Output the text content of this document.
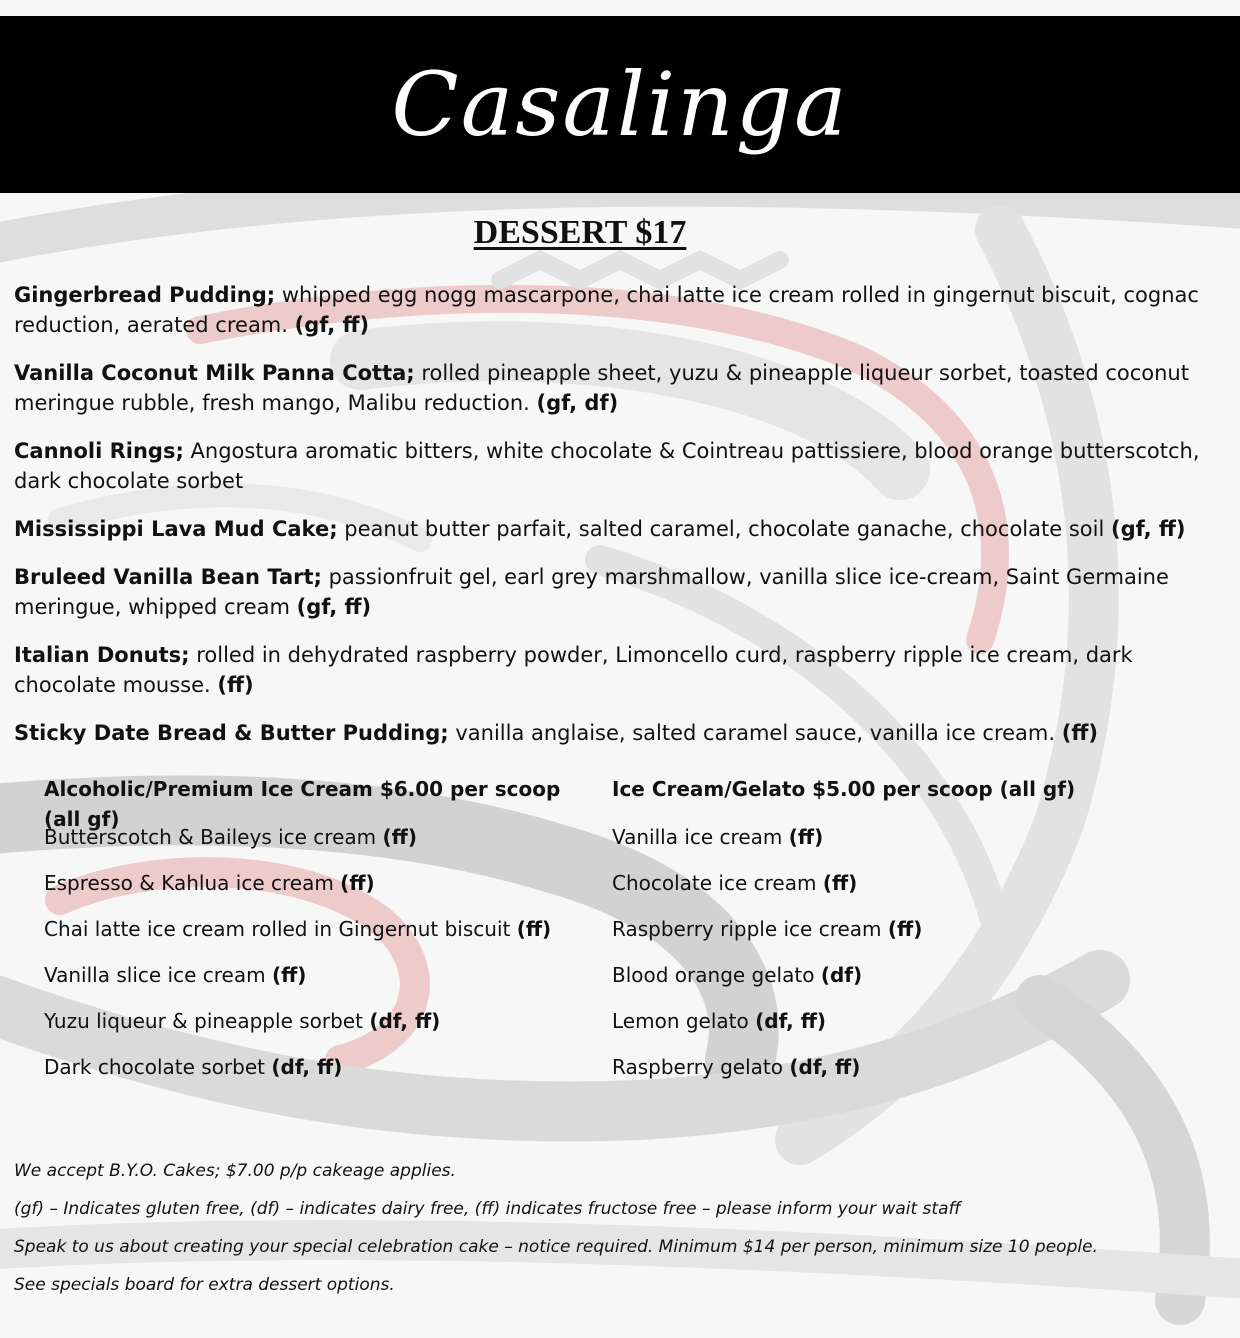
Casalinga
DESSERT $17
Gingerbread Pudding; whipped egg nogg mascarpone, chai latte ice cream rolled in gingernut biscuit, cognac reduction, aerated cream. (gf, ff)
Vanilla Coconut Milk Panna Cotta; rolled pineapple sheet, yuzu & pineapple liqueur sorbet, toasted coconut meringue rubble, fresh mango, Malibu reduction. (gf, df)
Cannoli Rings; Angostura aromatic bitters, white chocolate & Cointreau pattissiere, blood orange butterscotch, dark chocolate sorbet
Mississippi Lava Mud Cake; peanut butter parfait, salted caramel, chocolate ganache, chocolate soil (gf, ff)
Bruleed Vanilla Bean Tart; passionfruit gel, earl grey marshmallow, vanilla slice ice-cream, Saint Germaine meringue, whipped cream (gf, ff)
Italian Donuts; rolled in dehydrated raspberry powder, Limoncello curd, raspberry ripple ice cream, dark chocolate mousse. (ff)
Sticky Date Bread & Butter Pudding; vanilla anglaise, salted caramel sauce, vanilla ice cream. (ff)
Alcoholic/Premium Ice Cream $6.00 per scoop (all gf)
Butterscotch & Baileys ice cream (ff)
Espresso & Kahlua ice cream (ff)
Chai latte ice cream rolled in Gingernut biscuit (ff)
Vanilla slice ice cream (ff)
Yuzu liqueur & pineapple sorbet (df, ff)
Dark chocolate sorbet (df, ff)
Ice Cream/Gelato $5.00 per scoop (all gf)
Vanilla ice cream (ff)
Chocolate ice cream (ff)
Raspberry ripple ice cream (ff)
Blood orange gelato (df)
Lemon gelato (df, ff)
Raspberry gelato (df, ff)
We accept B.Y.O. Cakes; $7.00 p/p cakeage applies.
(gf) – Indicates gluten free, (df) – indicates dairy free, (ff) indicates fructose free – please inform your wait staff
Speak to us about creating your special celebration cake – notice required. Minimum $14 per person, minimum size 10 people.
See specials board for extra dessert options.
